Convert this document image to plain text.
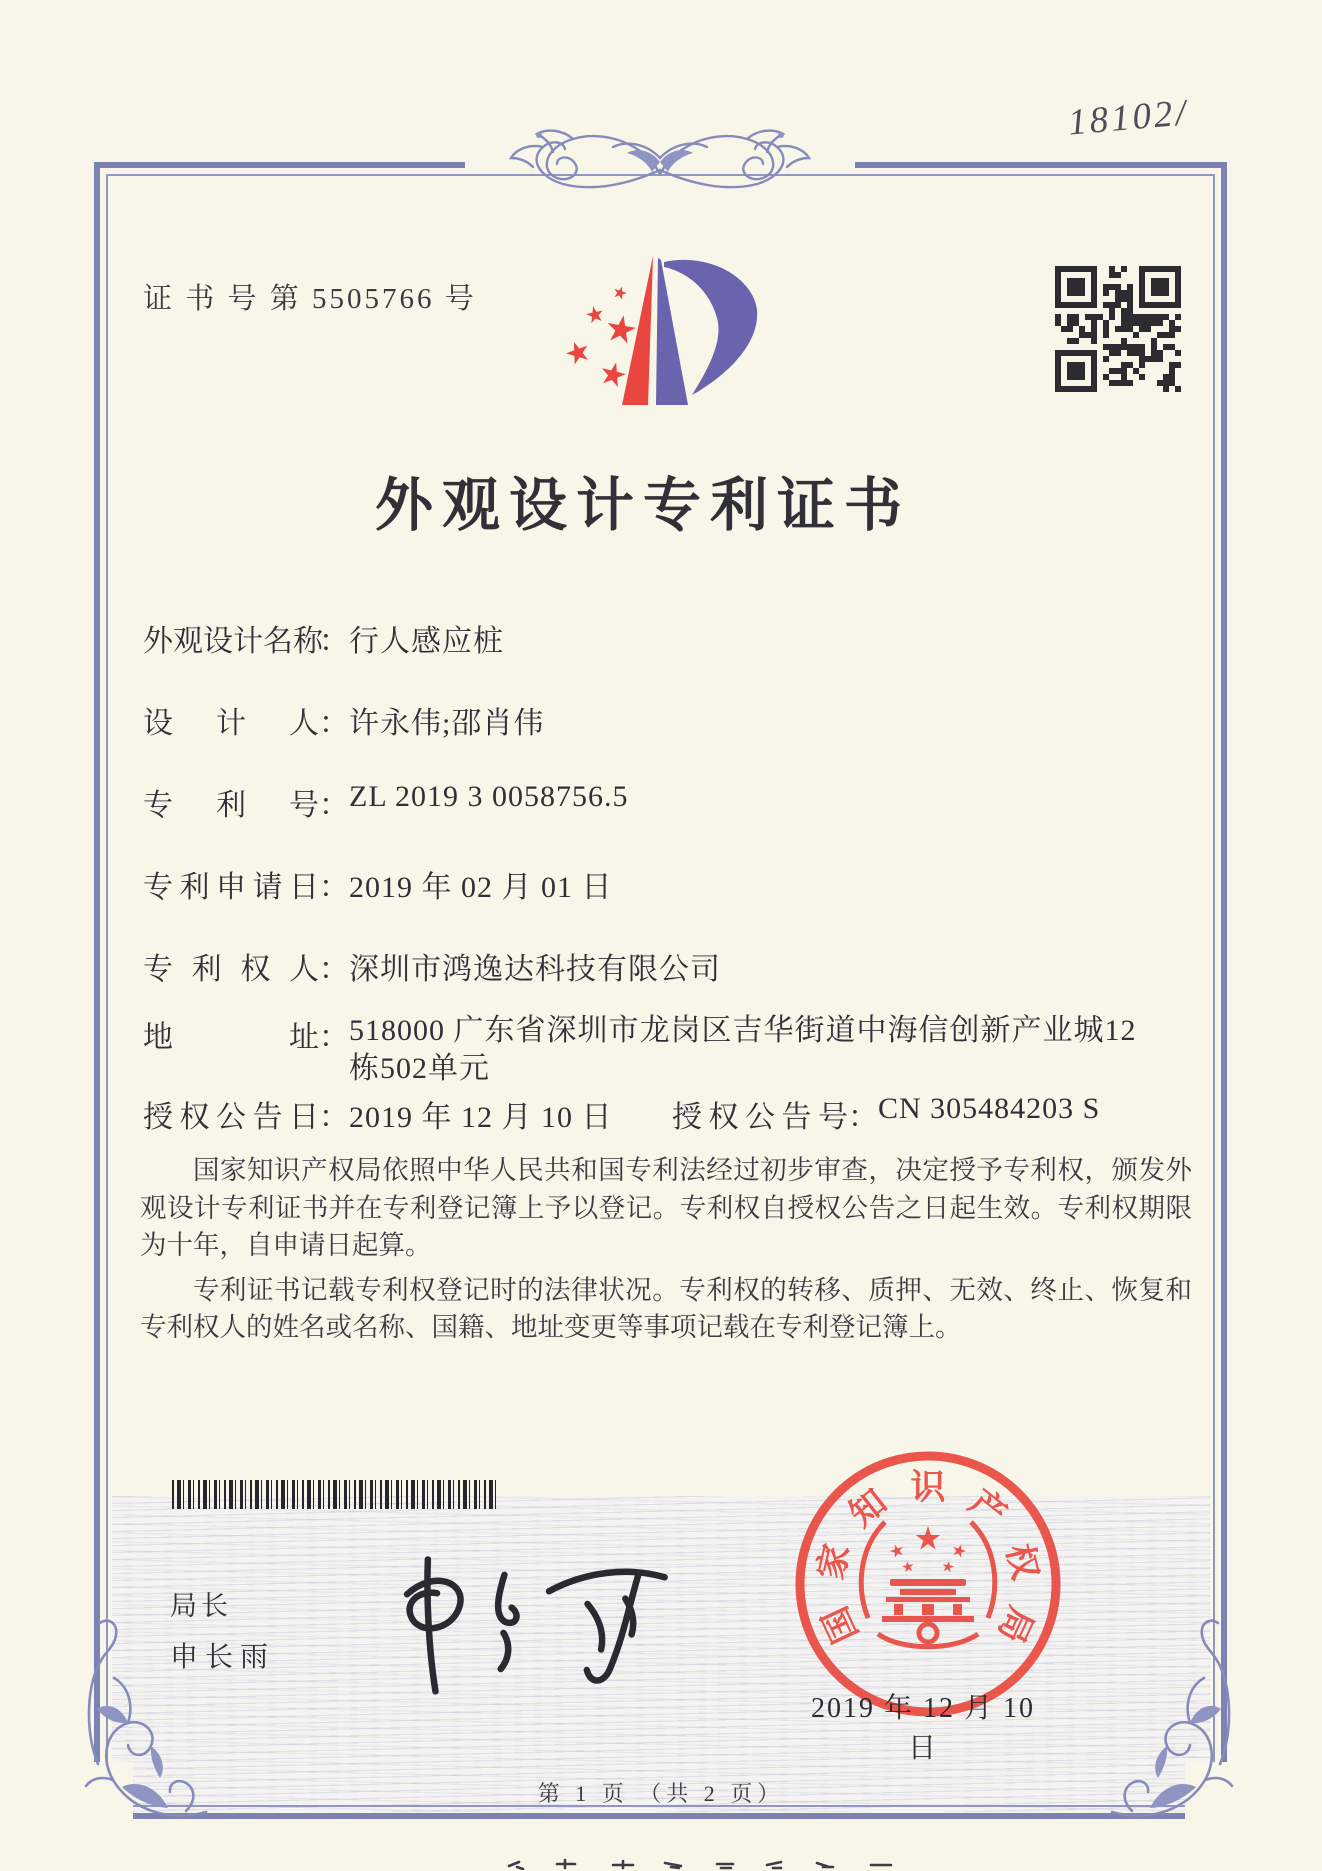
18102/
证 书 号 第 5505766 号
外观设计专利证书
外观设计名称：行人感应桩
设计人：许永伟;邵肖伟
专利号：ZL 2019 3 0058756.5
专利申请日：2019 年 02 月 01 日
专利权人：深圳市鸿逸达科技有限公司
地址：518000 广东省深圳市龙岗区吉华街道中海信创新产业城12栋502单元
授权公告日：2019 年 12 月 10 日 授权公告号：CN 305484203 S

国家知识产权局依照中华人民共和国专利法经过初步审查，决定授予专利权，颁发外观设计专利证书并在专利登记簿上予以登记。专利权自授权公告之日起生效。专利权期限为十年，自申请日起算。

专利证书记载专利权登记时的法律状况。专利权的转移、质押、无效、终止、恢复和专利权人的姓名或名称、国籍、地址变更等事项记载在专利登记簿上。

局长
申长雨
国
家
知 识 产
权
局
2019 年 12 月 10 日
第 1 页 （共 2 页）
